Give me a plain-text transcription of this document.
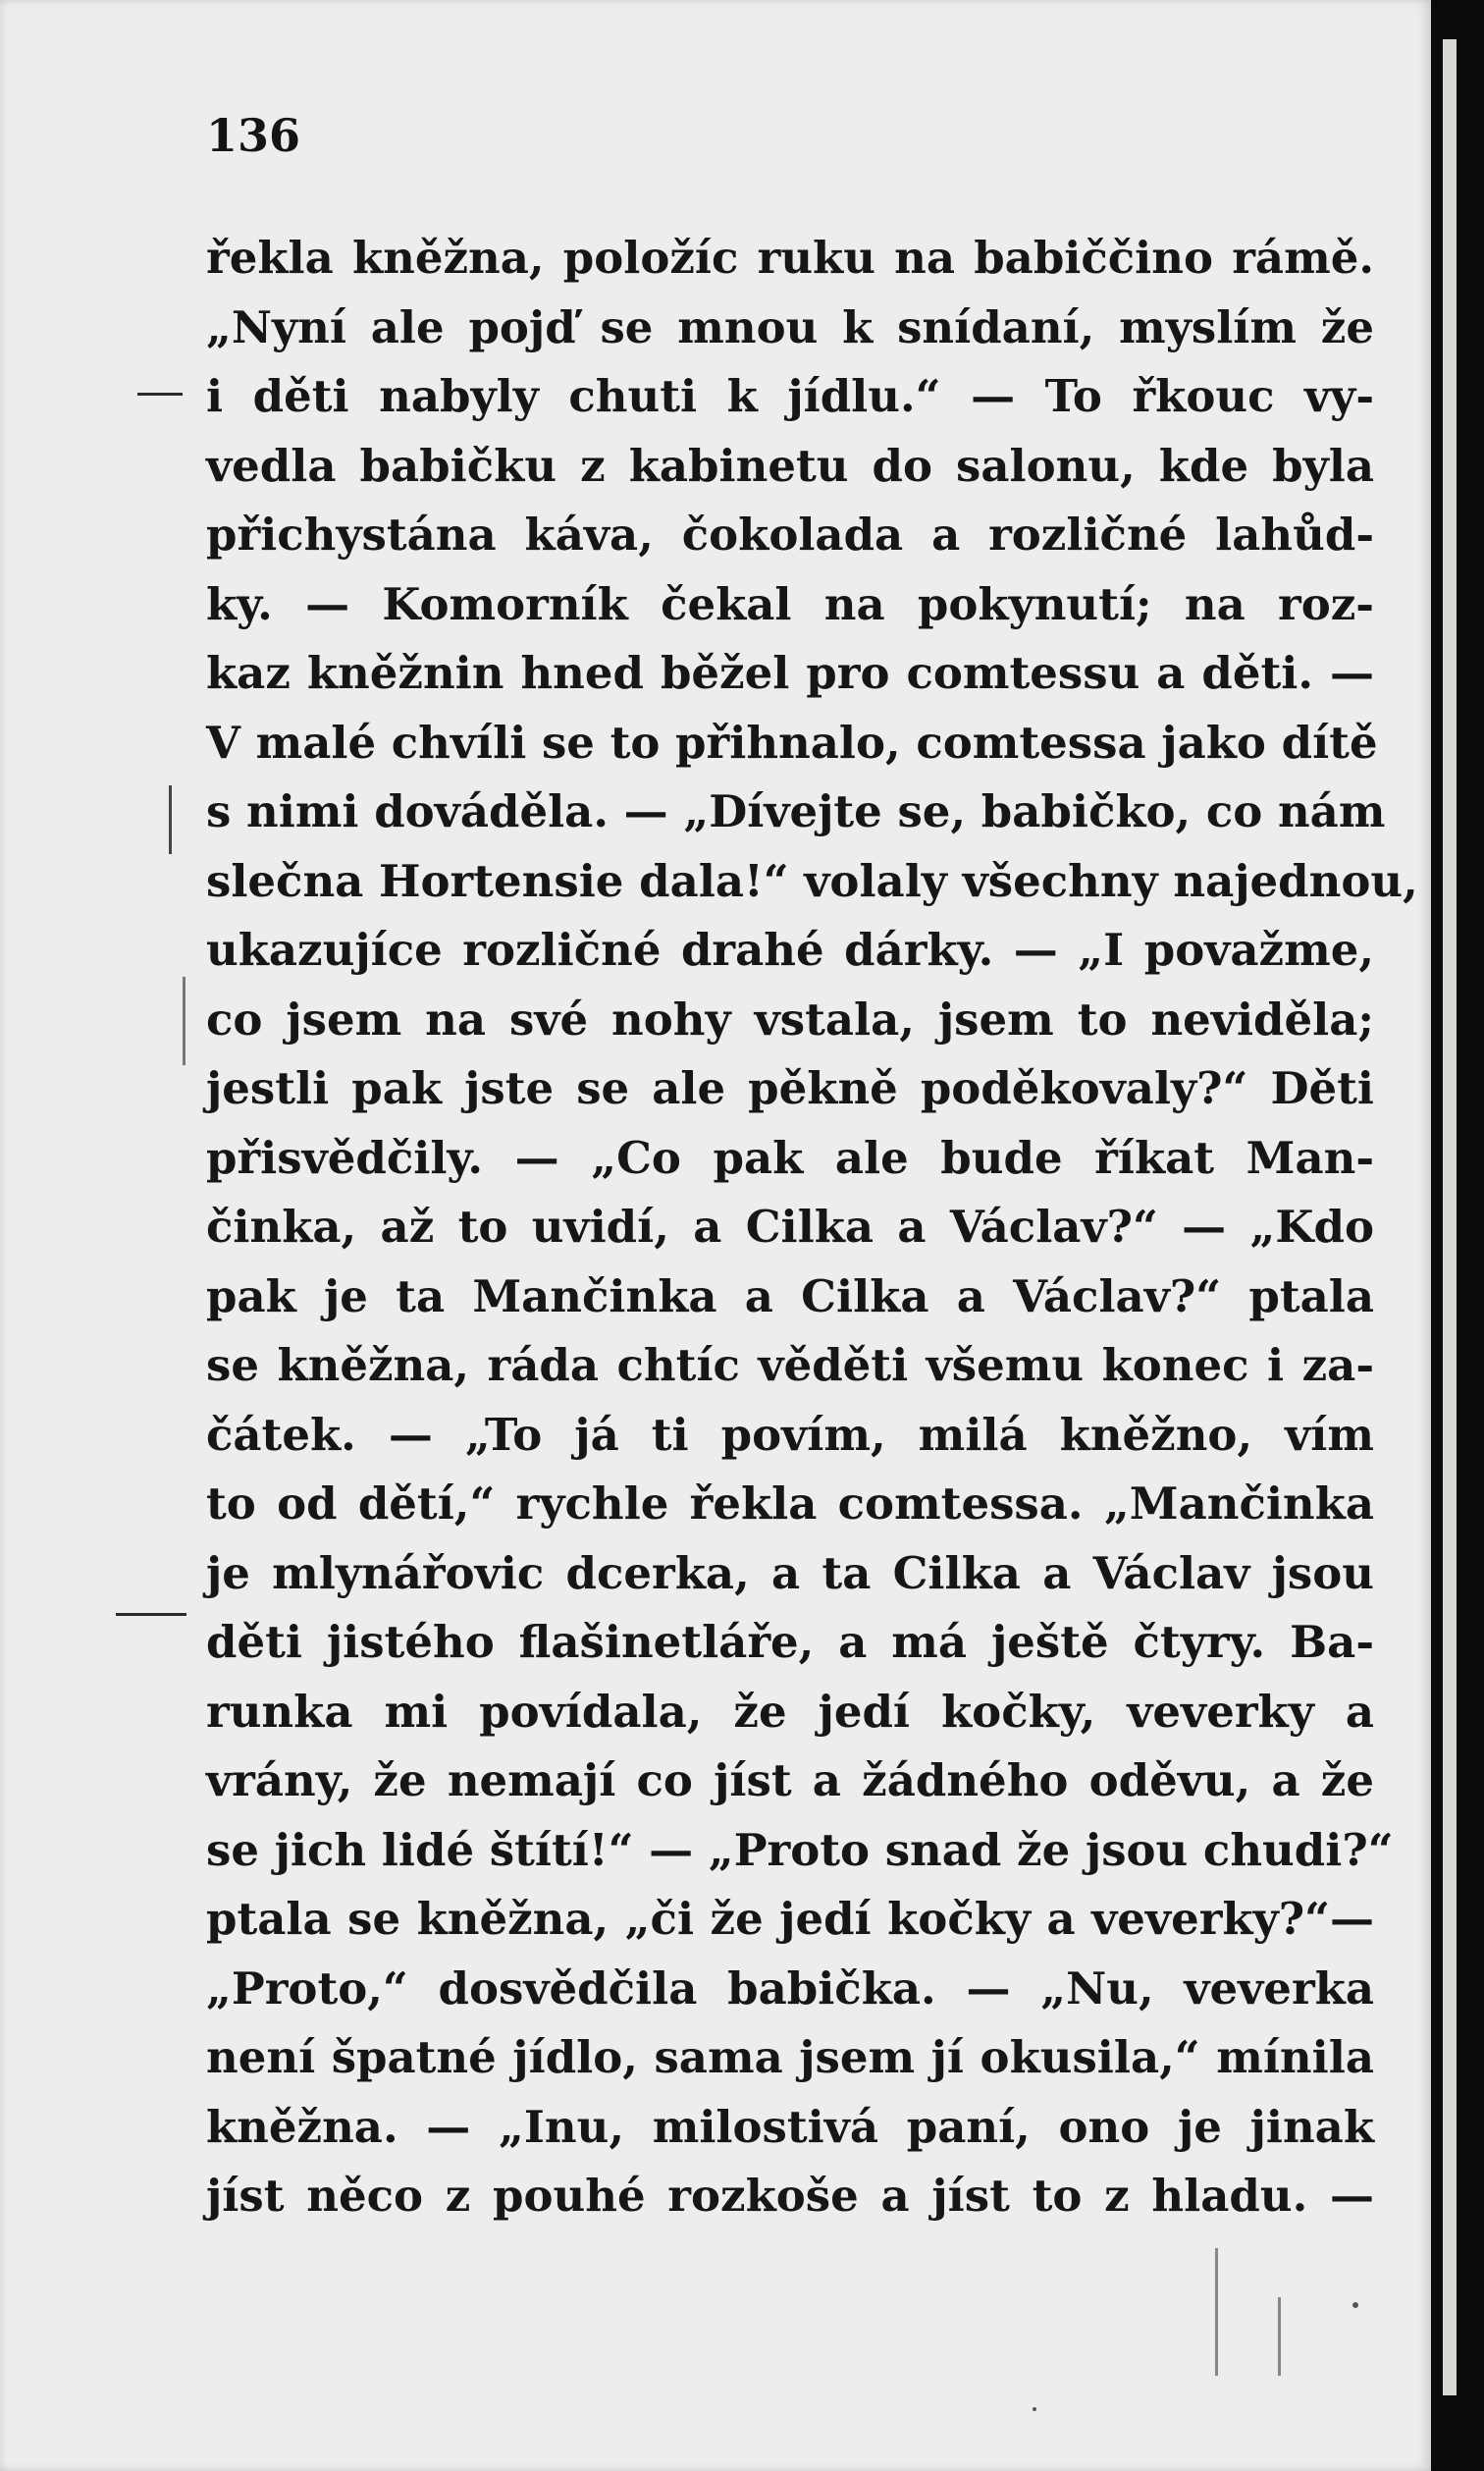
136
řekla kněžna, položíc ruku na babiččino rámě.
„Nyní ale pojď se mnou k snídaní, myslím že
i děti nabyly chuti k jídlu.“ — To řkouc vy-
vedla babičku z kabinetu do salonu, kde byla
přichystána káva, čokolada a rozličné lahůd-
ky. — Komorník čekal na pokynutí; na roz-
kaz kněžnin hned běžel pro comtessu a děti. —
V malé chvíli se to přihnalo, comtessa jako dítě
s nimi dováděla. — „Dívejte se, babičko, co nám
slečna Hortensie dala!“ volaly všechny najednou,
ukazujíce rozličné drahé dárky. — „I považme,
co jsem na své nohy vstala, jsem to neviděla;
jestli pak jste se ale pěkně poděkovaly?“ Děti
přisvědčily. — „Co pak ale bude říkat Man-
činka, až to uvidí, a Cilka a Václav?“ — „Kdo
pak je ta Mančinka a Cilka a Václav?“ ptala
se kněžna, ráda chtíc věděti všemu konec i za-
čátek. — „To já ti povím, milá kněžno, vím
to od dětí,“ rychle řekla comtessa. „Mančinka
je mlynářovic dcerka, a ta Cilka a Václav jsou
děti jistého flašinetláře, a má ještě čtyry. Ba-
runka mi povídala, že jedí kočky, veverky a
vrány, že nemají co jíst a žádného oděvu, a že
se jich lidé štítí!“ — „Proto snad že jsou chudi?“
ptala se kněžna, „či že jedí kočky a veverky?“—
„Proto,“ dosvědčila babička. — „Nu, veverka
není špatné jídlo, sama jsem jí okusila,“ mínila
kněžna. — „Inu, milostivá paní, ono je jinak
jíst něco z pouhé rozkoše a jíst to z hladu. —
